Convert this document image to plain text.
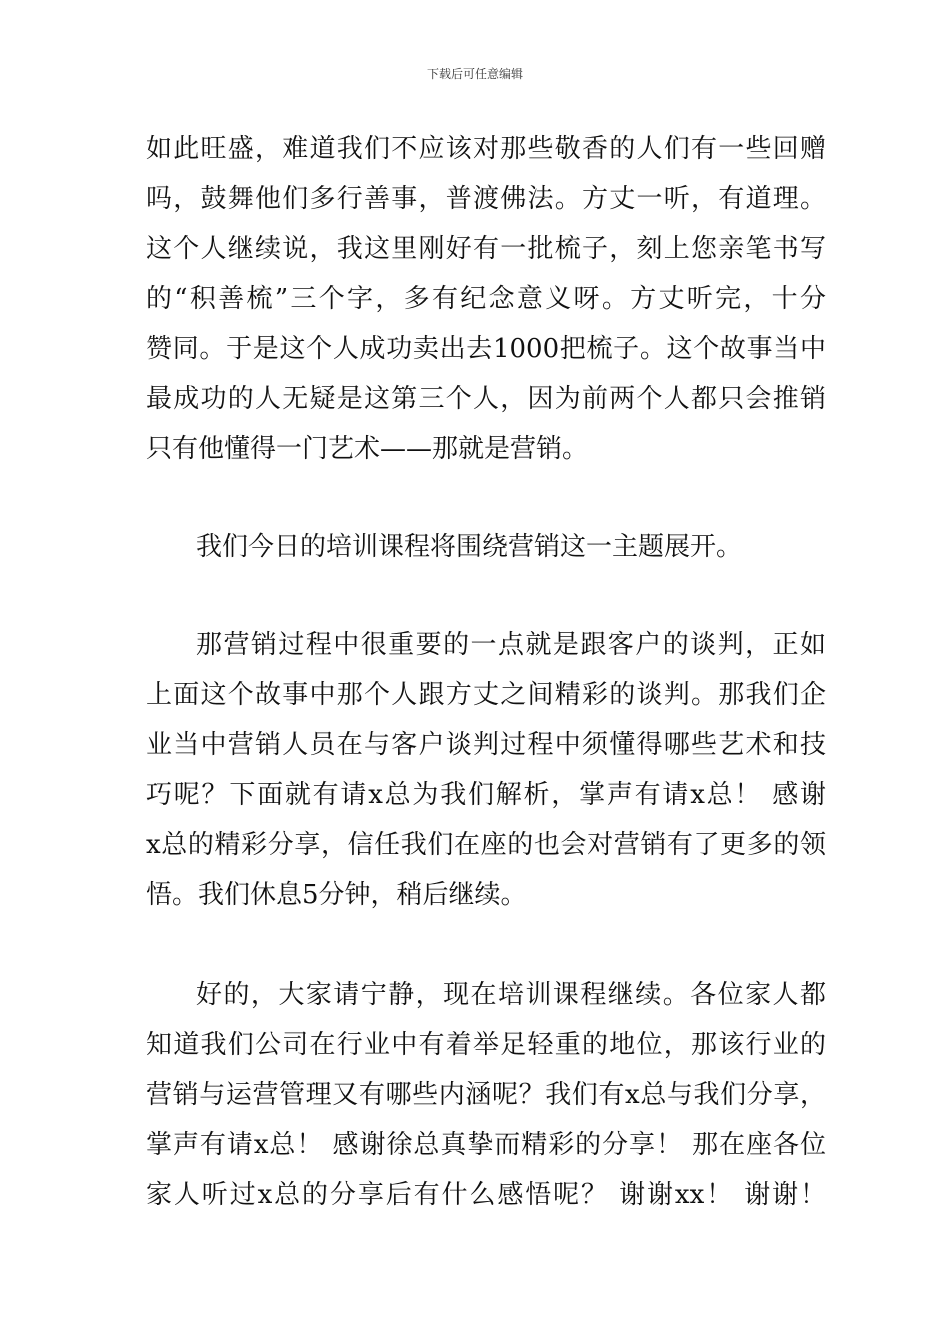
下载后可任意编辑
如此旺盛，难道我们不应该对那些敬香的人们有一些回赠
吗，鼓舞他们多行善事，普渡佛法。方丈一听，有道理。
这个人继续说，我这里刚好有一批梳子，刻上您亲笔书写
的“积善梳”三个字，多有纪念意义呀。方丈听完，十分
赞同。于是这个人成功卖出去1000把梳子。这个故事当中
最成功的人无疑是这第三个人，因为前两个人都只会推销
只有他懂得一门艺术——那就是营销。
我们今日的培训课程将围绕营销这一主题展开。
那营销过程中很重要的一点就是跟客户的谈判，正如
上面这个故事中那个人跟方丈之间精彩的谈判。那我们企
业当中营销人员在与客户谈判过程中须懂得哪些艺术和技
巧呢？下面就有请x总为我们解析，掌声有请x总！ 感谢
x总的精彩分享，信任我们在座的也会对营销有了更多的领
悟。我们休息5分钟，稍后继续。
好的，大家请宁静，现在培训课程继续。各位家人都
知道我们公司在行业中有着举足轻重的地位，那该行业的
营销与运营管理又有哪些内涵呢？我们有x总与我们分享，
掌声有请x总！ 感谢徐总真挚而精彩的分享！ 那在座各位
家人听过x总的分享后有什么感悟呢？ 谢谢xx！ 谢谢！
